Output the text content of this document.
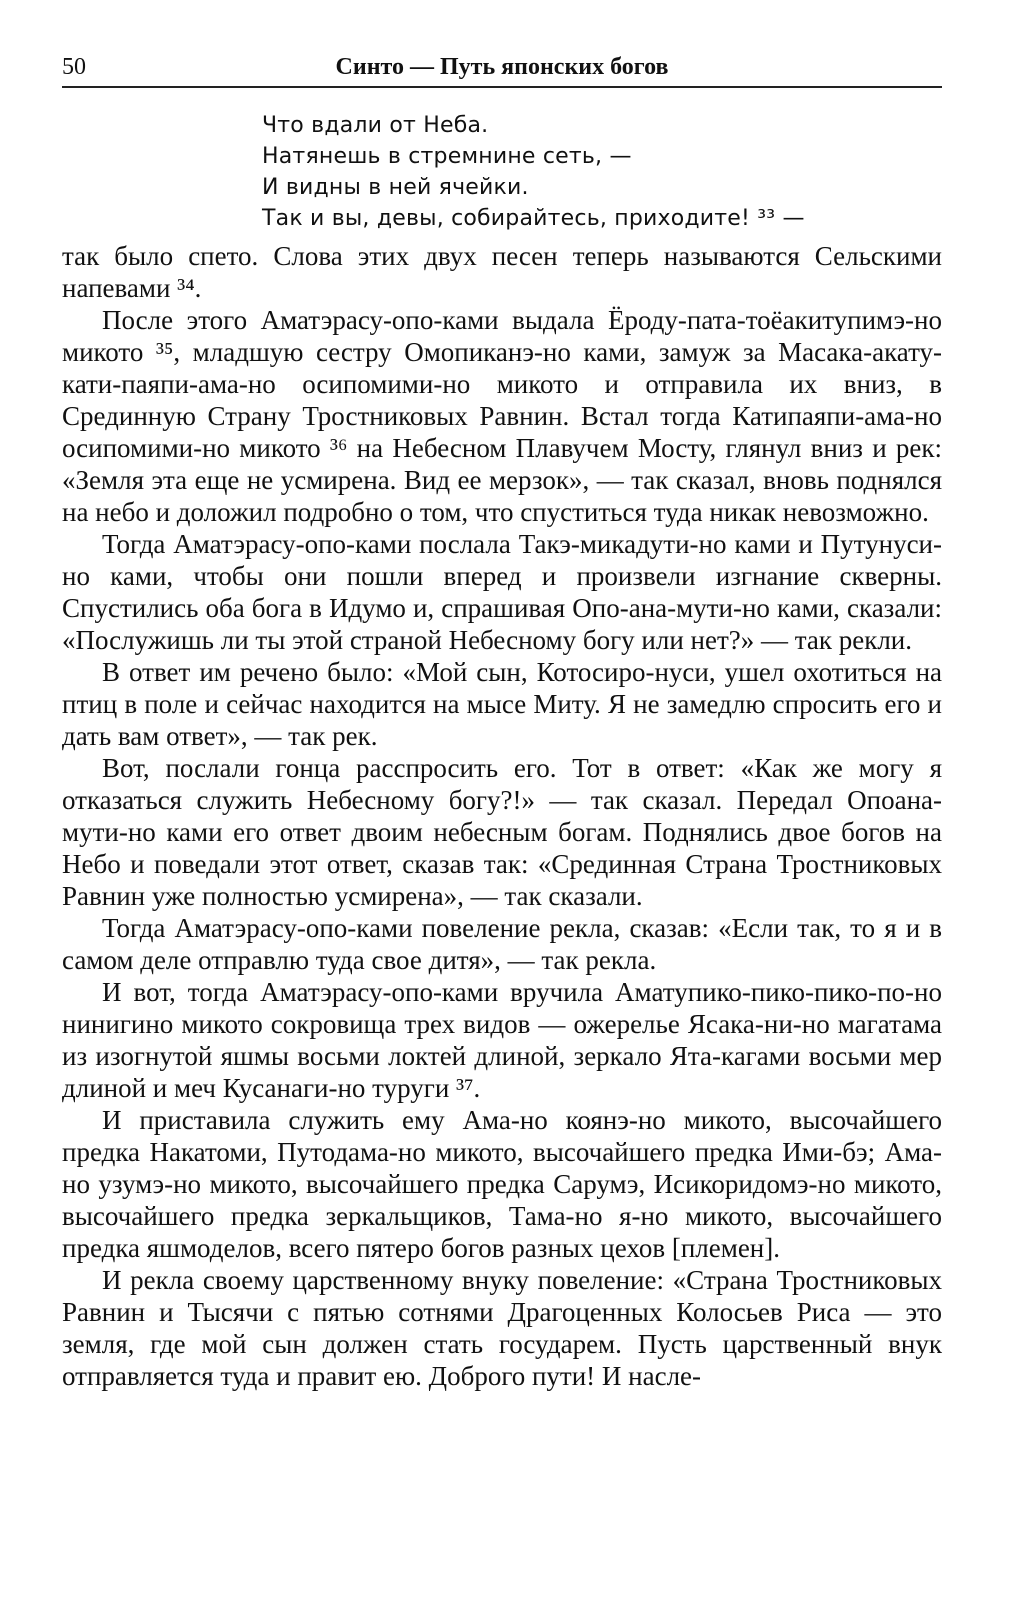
50	Синто — Путь японских богов
Что вдали от Неба.
Натянешь в стремнине сеть, —
И видны в ней ячейки.
Так и вы, девы, собирайтесь, приходите! ³³ —

так было спето. Слова этих двух песен теперь называются Сельскими напевами ³⁴.

После этого Аматэрасу-опо-ками выдала Ёроду-пата-тоёакитупимэ-но микото ³⁵, младшую сестру Омопиканэ-но ками, замуж за Масака-акату-кати-паяпи-ама-но осипомими-но микото и отправила их вниз, в Срединную Страну Тростниковых Равнин. Встал тогда Катипаяпи-ама-но осипомими-но микото ³⁶ на Небесном Плавучем Мосту, глянул вниз и рек: «Земля эта еще не усмирена. Вид ее мерзок», — так сказал, вновь поднялся на небо и доложил подробно о том, что спуститься туда никак невозможно.

Тогда Аматэрасу-опо-ками послала Такэ-микадути-но ками и Путунуси-но ками, чтобы они пошли вперед и произвели изгнание скверны. Спустились оба бога в Идумо и, спрашивая Опо-ана-мути-но ками, сказали: «Послужишь ли ты этой страной Небесному богу или нет?» — так рекли.

В ответ им речено было: «Мой сын, Котосиро-нуси, ушел охотиться на птиц в поле и сейчас находится на мысе Миту. Я не замедлю спросить его и дать вам ответ», — так рек.

Вот, послали гонца расспросить его. Тот в ответ: «Как же могу я отказаться служить Небесному богу?!» — так сказал. Передал Опоана-мути-но ками его ответ двоим небесным богам. Поднялись двое богов на Небо и поведали этот ответ, сказав так: «Срединная Страна Тростниковых Равнин уже полностью усмирена», — так сказали.

Тогда Аматэрасу-опо-ками повеление рекла, сказав: «Если так, то я и в самом деле отправлю туда свое дитя», — так рекла.

И вот, тогда Аматэрасу-опо-ками вручила Аматупико-пико-пико-по-но нинигинo микото сокровища трех видов — ожерелье Ясака-ни-но магатама из изогнутой яшмы восьми локтей длиной, зеркало Ята-кагами восьми мер длиной и меч Кусанаги-но туруги ³⁷.

И приставила служить ему Ама-но коянэ-но микото, высочайшего предка Накатоми, Путодама-но микото, высочайшего предка Ими-бэ; Ама-но узумэ-но микото, высочайшего предка Сарумэ, Исикоридомэ-но микото, высочайшего предка зеркальщиков, Тама-но я-но микото, высочайшего предка яшмоделов, всего пятеро богов разных цехов [племен].

И рекла своему царственному внуку повеление: «Страна Тростниковых Равнин и Тысячи с пятью сотнями Драгоценных Колосьев Риса — это земля, где мой сын должен стать государем. Пусть царственный внук отправляется туда и правит ею. Доброго пути! И насле-
